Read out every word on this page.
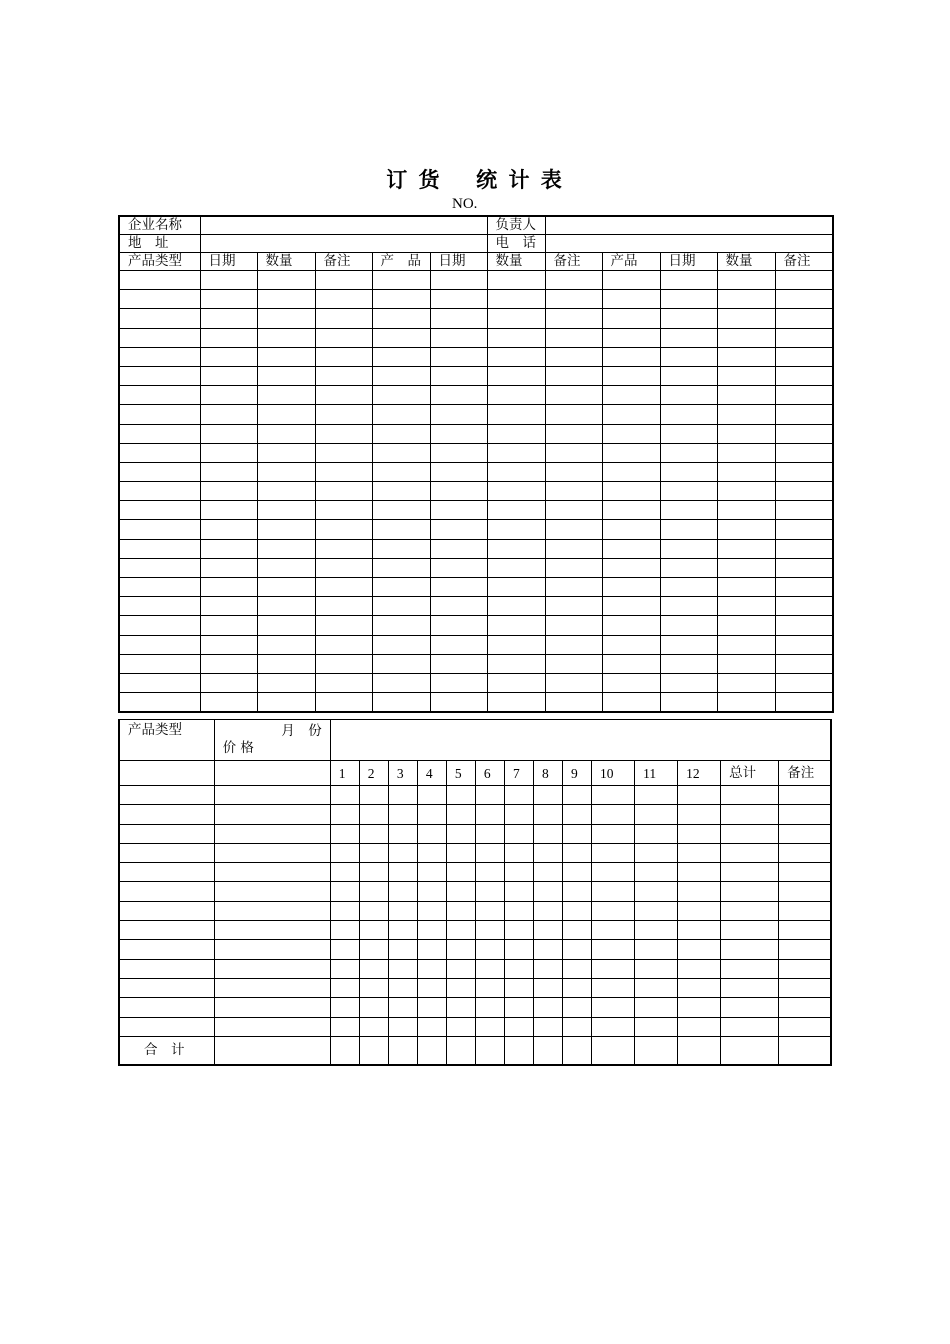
订 货 统 计 表
NO.
企业名称						负责人					
地　址						电　话					
产品类型	日期	数量	备注	产　品	日期	数量	备注	产品	日期	数量	备注

产品类型	月　份
价 格														

		1	2	3	4	5	6	7	8	9	10	11	12	总计	备注

合　计															
